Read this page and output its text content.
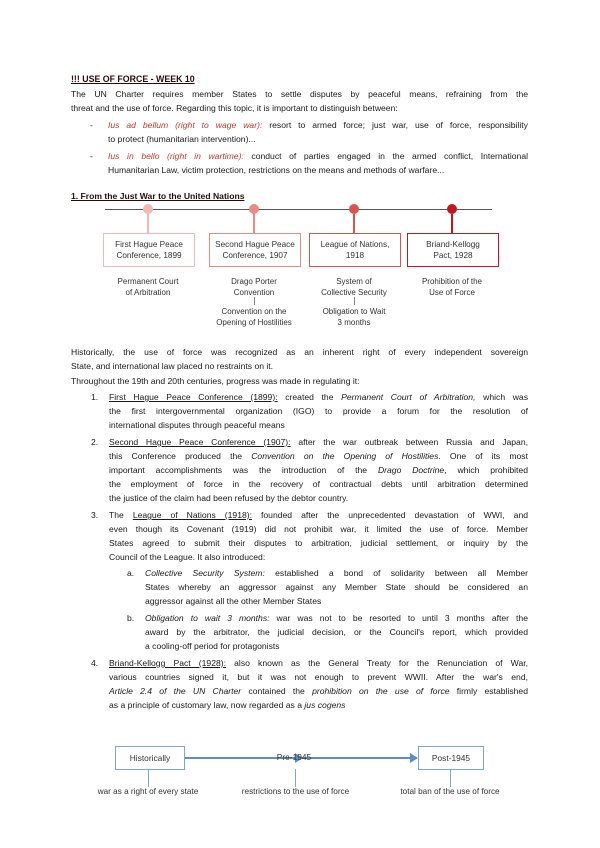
!!! USE OF FORCE - WEEK 10
The UN Charter requires member States to settle disputes by peaceful means, refraining from the
threat and the use of force. Regarding this topic, it is important to distinguish between:
- Ius ad bellum (right to wage war): resort to armed force; just war, use of force, responsibility
to protect (humanitarian intervention)...
- Ius in bello (right in wartime): conduct of parties engaged in the armed conflict, International
Humanitarian Law, victim protection, restrictions on the means and methods of warfare...
1. From the Just War to the United Nations
Historically, the use of force was recognized as an inherent right of every independent sovereign
State, and international law placed no restraints on it.
Throughout the 19th and 20th centuries, progress was made in regulating it:
1. First Hague Peace Conference (1899): created the Permanent Court of Arbitration, which was
the first intergovernmental organization (IGO) to provide a forum for the resolution of
international disputes through peaceful means
2. Second Hague Peace Conference (1907): after the war outbreak between Russia and Japan,
this Conference produced the Convention on the Opening of Hostilities. One of its most
important accomplishments was the introduction of the Drago Doctrine, which prohibited
the employment of force in the recovery of contractual debts until arbitration determined
the justice of the claim had been refused by the debtor country.
3. The League of Nations (1918): founded after the unprecedented devastation of WWI, and
even though its Covenant (1919) did not prohibit war, it limited the use of force. Member
States agreed to submit their disputes to arbitration, judicial settlement, or inquiry by the
Council of the League. It also introduced:
a. Collective Security System: established a bond of solidarity between all Member
States whereby an aggressor against any Member State should be considered an
aggressor against all the other Member States
b. Obligation to wait 3 months: war was not to be resorted to until 3 months after the
award by the arbitrator, the judicial decision, or the Council's report, which provided
a cooling-off period for protagonists
4. Briand-Kellogg Pact (1928): also known as the General Treaty for the Renunciation of War,
various countries signed it, but it was not enough to prevent WWII. After the war's end,
Article 2.4 of the UN Charter contained the prohibition on the use of force firmly established
as a principle of customary law, now regarded as a jus cogens
Historically	Pre-1945	Post-1945
war as a right of every state	restrictions to the use of force	total ban of the use of force
First Hague Peace
Conference, 1899
Permanent Court
of Arbitration
Second Hague Peace
Conference, 1907
Drago Porter
Convention
Convention on the
Opening of Hostilities
League of Nations,
1918
System of
Collective Security
Obligation to Wait
3 months
Briand-Kellogg
Pact, 1928
Prohibition of the
Use of Force
